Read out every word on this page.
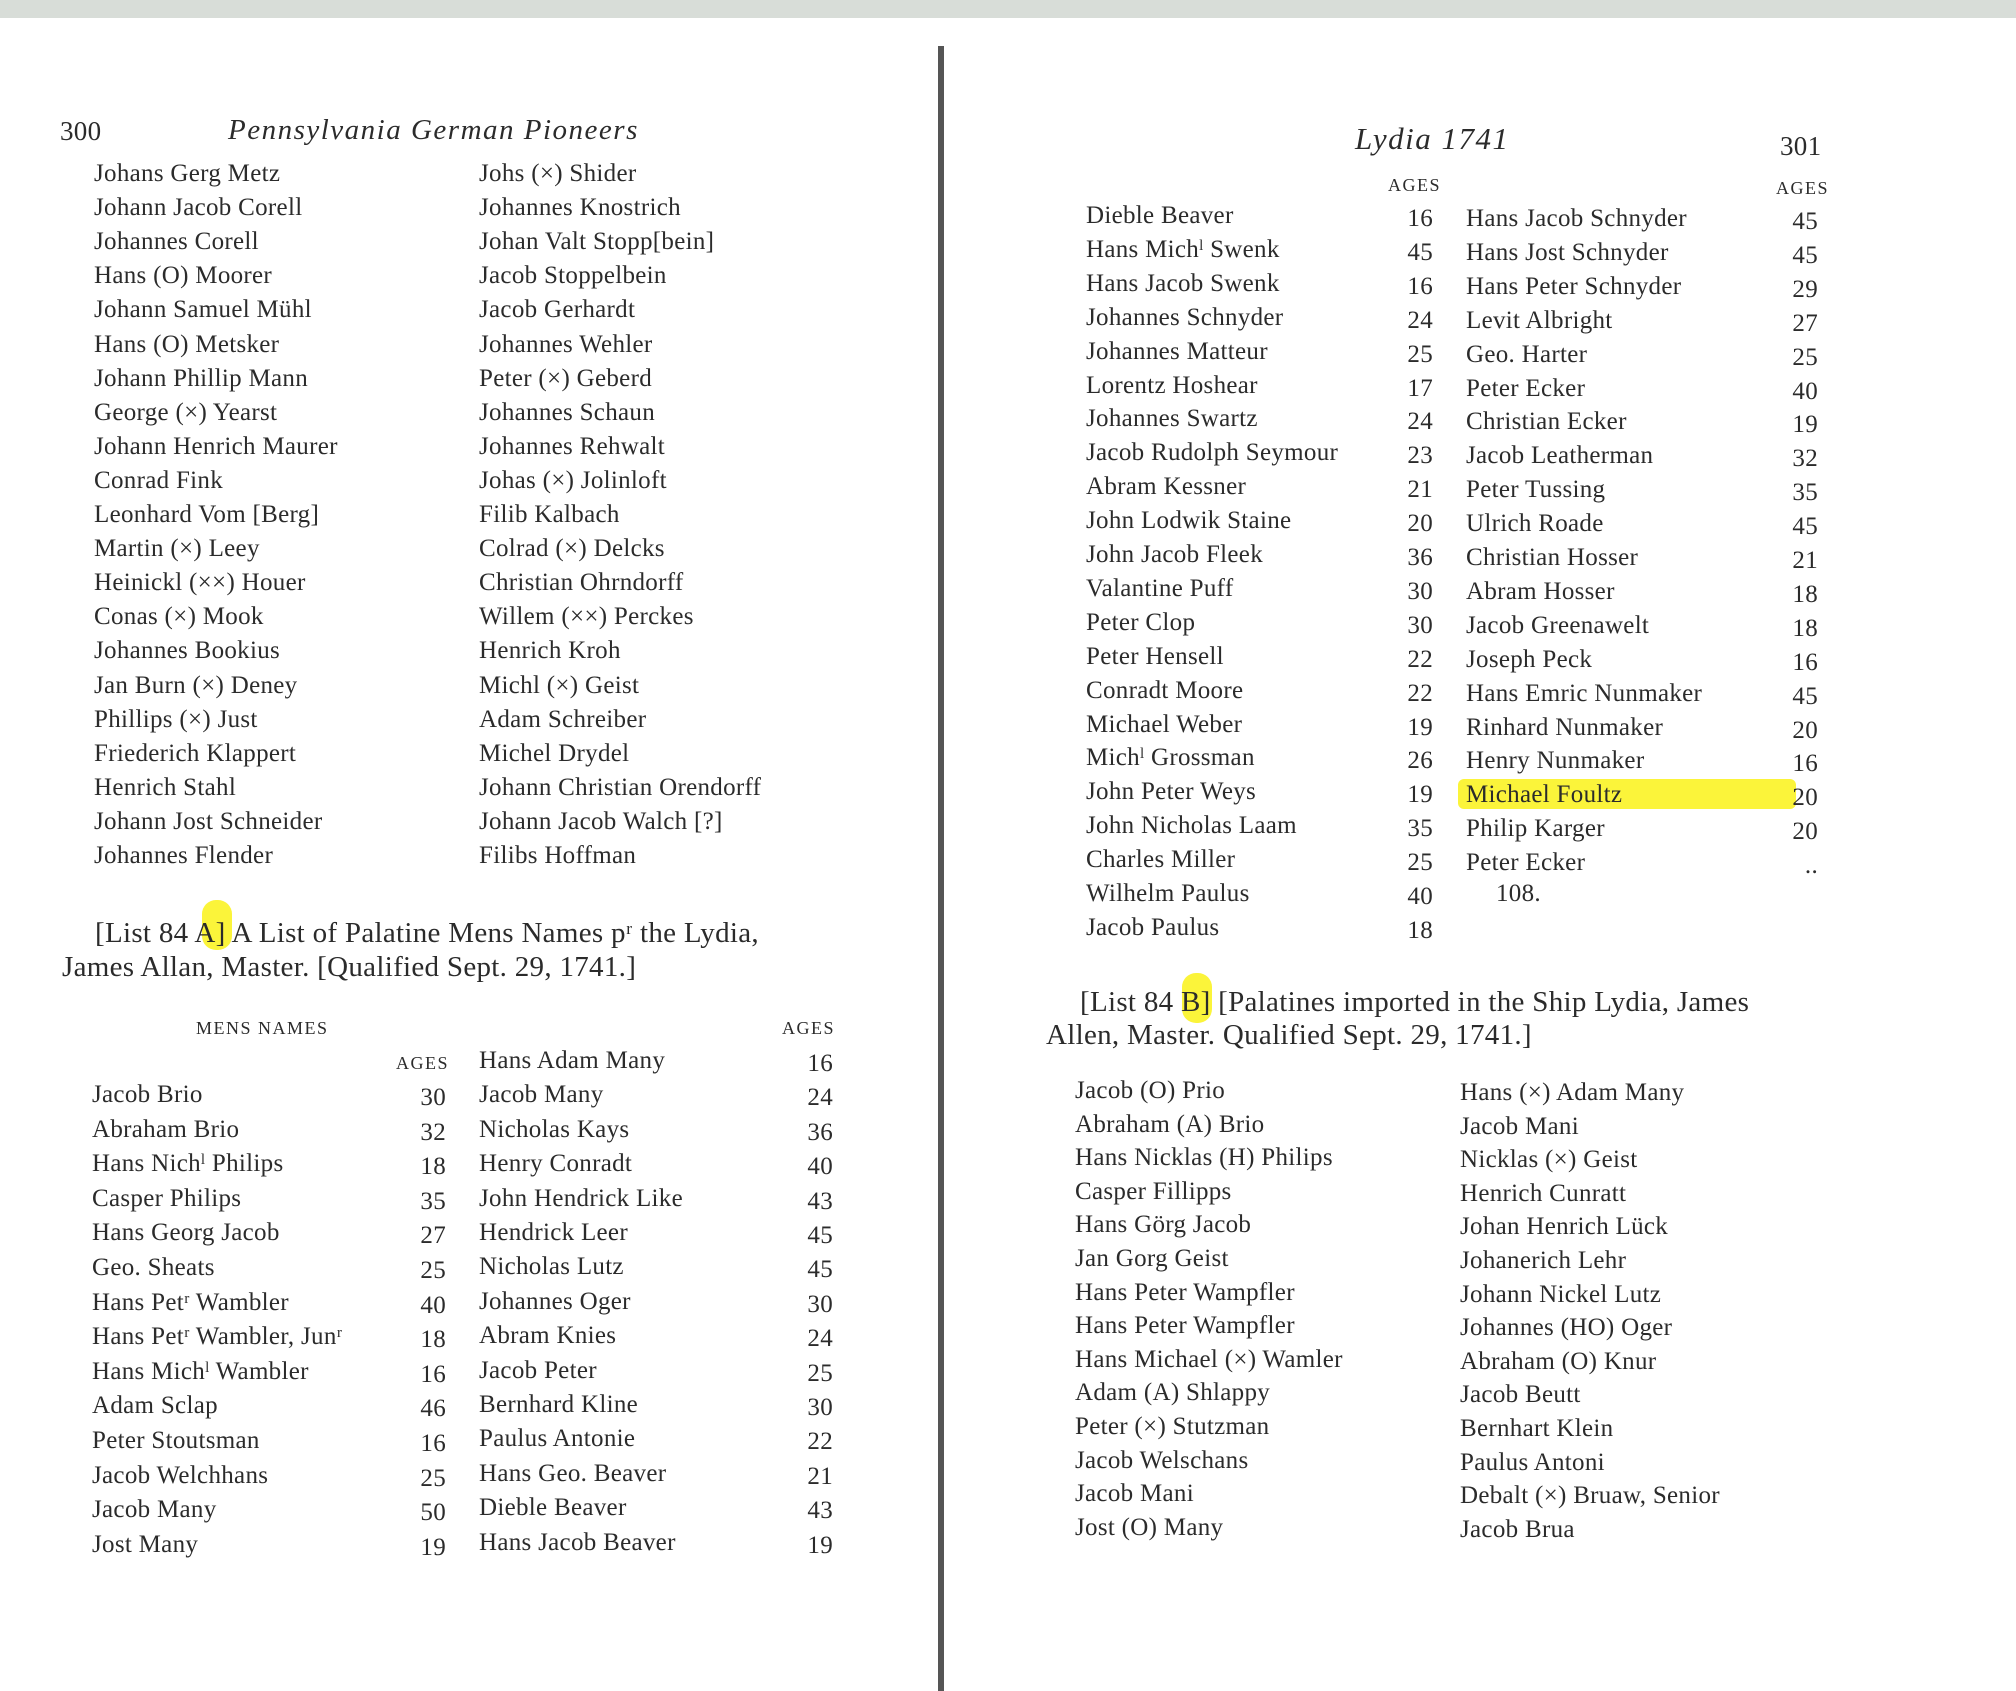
300	Pennsylvania German Pioneers
Johans Gerg Metz
Johann Jacob Corell
Johannes Corell
Hans (O) Moorer
Johann Samuel Mühl
Hans (O) Metsker
Johann Phillip Mann
George (×) Yearst
Johann Henrich Maurer
Conrad Fink
Leonhard Vom [Berg]
Martin (×) Leey
Heinickl (××) Houer
Conas (×) Mook
Johannes Bookius
Jan Burn (×) Deney
Phillips (×) Just
Friederich Klappert
Henrich Stahl
Johann Jost Schneider
Johannes Flender
Johs (×) Shider
Johannes Knostrich
Johan Valt Stopp[bein]
Jacob Stoppelbein
Jacob Gerhardt
Johannes Wehler
Peter (×) Geberd
Johannes Schaun
Johannes Rehwalt
Johas (×) Jolinloft
Filib Kalbach
Colrad (×) Delcks
Christian Ohrndorff
Willem (××) Perckes
Henrich Kroh
Michl (×) Geist
Adam Schreiber
Michel Drydel
Johann Christian Orendorff
Johann Jacob Walch [?]
Filibs Hoffman
[List 84 A] A List of Palatine Mens Names pʳ the Lydia,
James Allan, Master. [Qualified Sept. 29, 1741.]
MENS NAMES
AGES
AGES
Jacob Brio	30
Abraham Brio	32
Hans Nichˡ Philips	18
Casper Philips	35
Hans Georg Jacob	27
Geo. Sheats	25
Hans Petʳ Wambler	40
Hans Petʳ Wambler, Junʳ	18
Hans Michˡ Wambler	16
Adam Sclap	46
Peter Stoutsman	16
Jacob Welchhans	25
Jacob Many	50
Jost Many	19
Hans Adam Many	16
Jacob Many	24
Nicholas Kays	36
Henry Conradt	40
John Hendrick Like	43
Hendrick Leer	45
Nicholas Lutz	45
Johannes Oger	30
Abram Knies	24
Jacob Peter	25
Bernhard Kline	30
Paulus Antonie	22
Hans Geo. Beaver	21
Dieble Beaver	43
Hans Jacob Beaver	19
Lydia 1741	301
AGES	AGES
Dieble Beaver	16
Hans Michˡ Swenk	45
Hans Jacob Swenk	16
Johannes Schnyder	24
Johannes Matteur	25
Lorentz Hoshear	17
Johannes Swartz	24
Jacob Rudolph Seymour	23
Abram Kessner	21
John Lodwik Staine	20
John Jacob Fleek	36
Valantine Puff	30
Peter Clop	30
Peter Hensell	22
Conradt Moore	22
Michael Weber	19
Michˡ Grossman	26
John Peter Weys	19
John Nicholas Laam	35
Charles Miller	25
Wilhelm Paulus	40
Jacob Paulus	18
Hans Jacob Schnyder	45
Hans Jost Schnyder	45
Hans Peter Schnyder	29
Levit Albright	27
Geo. Harter	25
Peter Ecker	40
Christian Ecker	19
Jacob Leatherman	32
Peter Tussing	35
Ulrich Roade	45
Christian Hosser	21
Abram Hosser	18
Jacob Greenawelt	18
Joseph Peck	16
Hans Emric Nunmaker	45
Rinhard Nunmaker	20
Henry Nunmaker	16
Michael Foultz	20
Philip Karger	20
Peter Ecker	..
108.
[List 84 B] [Palatines imported in the Ship Lydia, James
Allen, Master. Qualified Sept. 29, 1741.]
Jacob (O) Prio
Abraham (A) Brio
Hans Nicklas (H) Philips
Casper Fillipps
Hans Görg Jacob
Jan Gorg Geist
Hans Peter Wampfler
Hans Peter Wampfler
Hans Michael (×) Wamler
Adam (A) Shlappy
Peter (×) Stutzman
Jacob Welschans
Jacob Mani
Jost (O) Many
Hans (×) Adam Many
Jacob Mani
Nicklas (×) Geist
Henrich Cunratt
Johan Henrich Lück
Johanerich Lehr
Johann Nickel Lutz
Johannes (HO) Oger
Abraham (O) Knur
Jacob Beutt
Bernhart Klein
Paulus Antoni
Debalt (×) Bruaw, Senior
Jacob Brua
